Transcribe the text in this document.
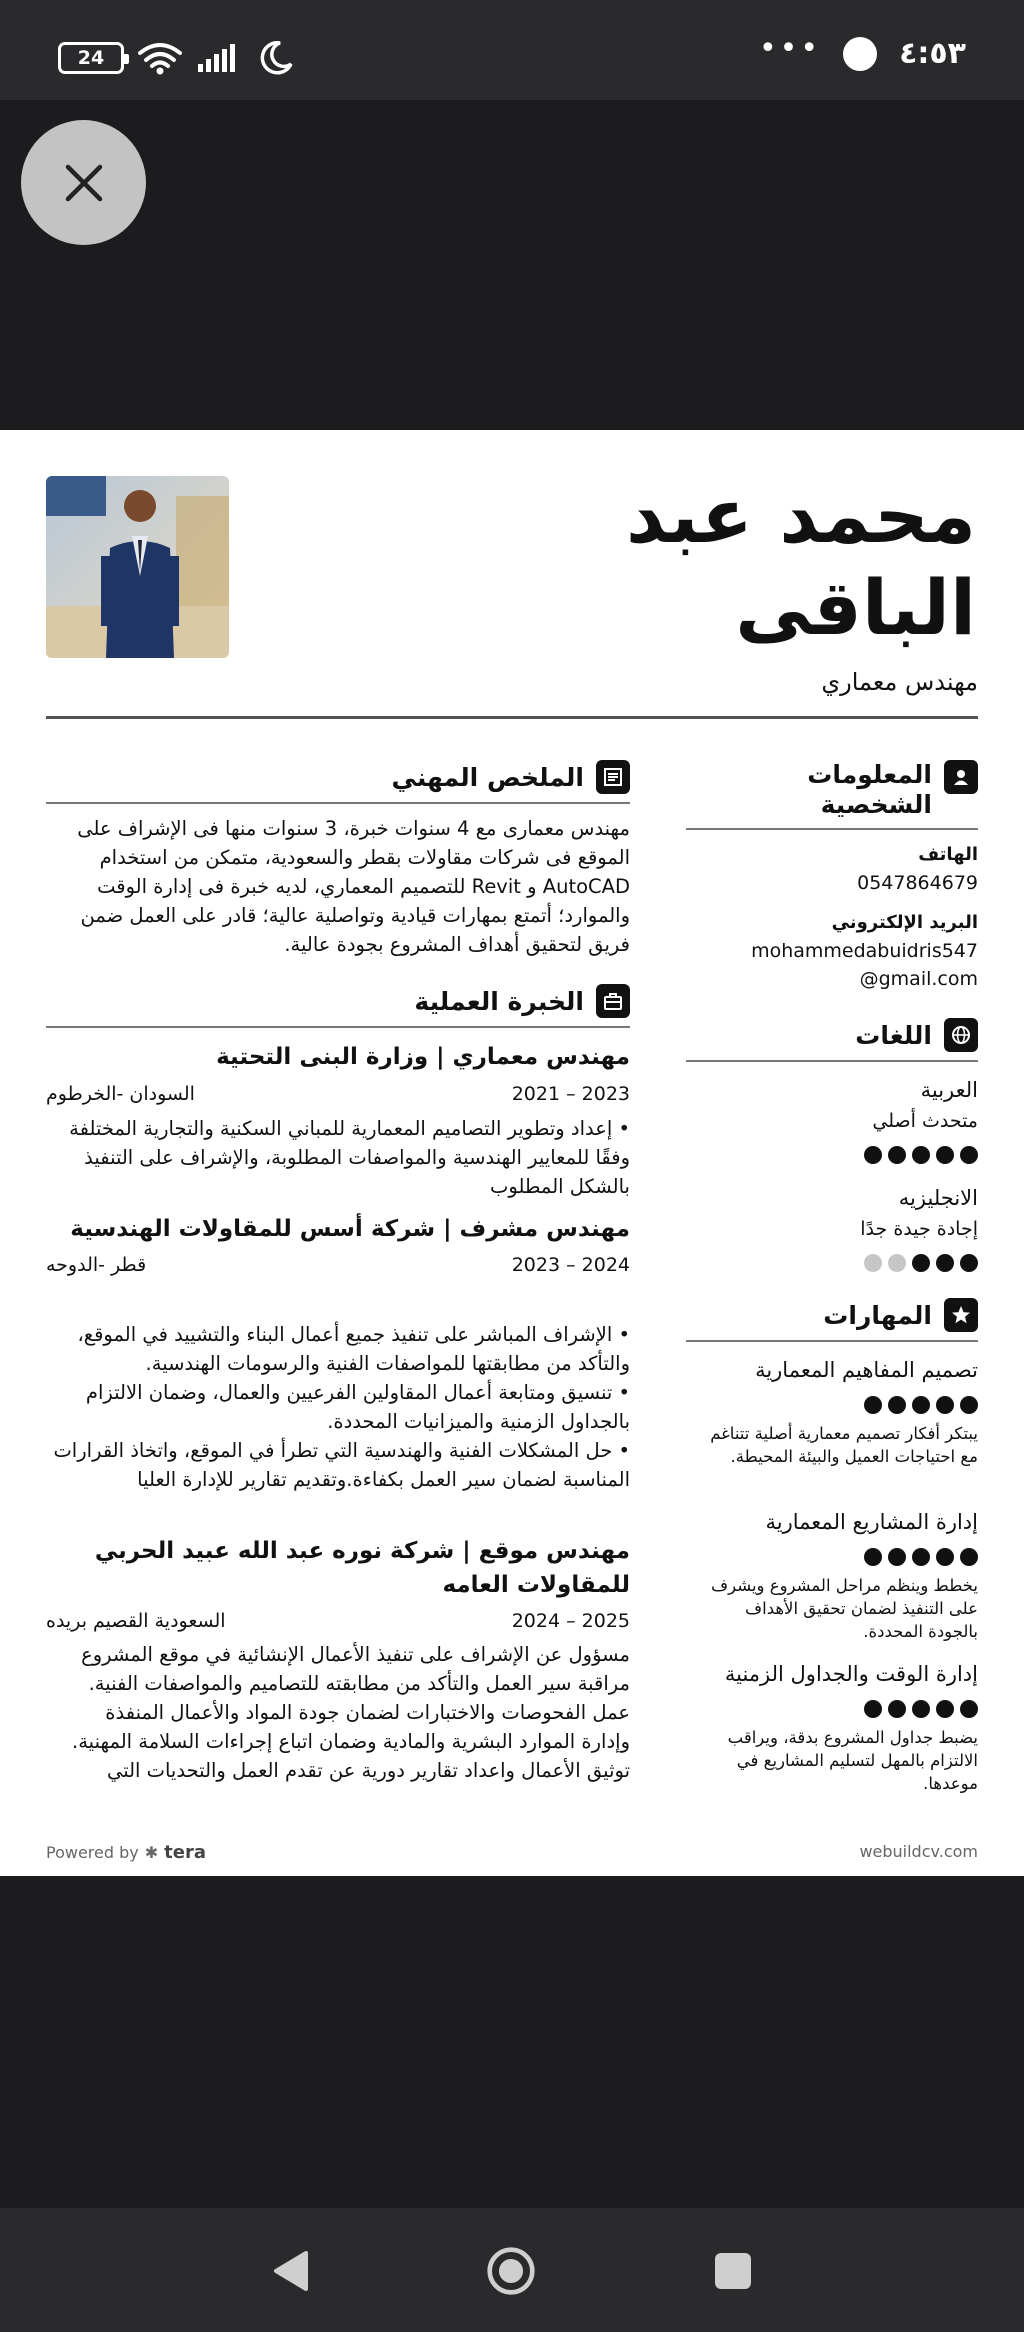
24	•••	٤:٥٣
محمد عبد الباقى
مهندس معماري
الملخص المهني
مهندس معمارى مع 4 سنوات خبرة، 3 سنوات منها فى الإشراف على الموقع فى شركات مقاولات بقطر والسعودية، متمكن من استخدام AutoCAD و Revit للتصميم المعماري، لديه خبرة فى إدارة الوقت والموارد؛ أتمتع بمهارات قيادية وتواصلية عالية؛ قادر على العمل ضمن فريق لتحقيق أهداف المشروع بجودة عالية.
الخبرة العملية
مهندس معماري | وزارة البنى التحتية
السودان -الخرطوم	2021 – 2023
• إعداد وتطوير التصاميم المعمارية للمباني السكنية والتجارية المختلفة وفقًا للمعايير الهندسية والمواصفات المطلوبة، والإشراف على التنفيذ بالشكل المطلوب
مهندس مشرف | شركة أسس للمقاولات الهندسية
قطر -الدوحه	2023 – 2024
• الإشراف المباشر على تنفيذ جميع أعمال البناء والتشييد في الموقع، والتأكد من مطابقتها للمواصفات الفنية والرسومات الهندسية.
• تنسيق ومتابعة أعمال المقاولين الفرعيين والعمال، وضمان الالتزام بالجداول الزمنية والميزانيات المحددة.
• حل المشكلات الفنية والهندسية التي تطرأ في الموقع، واتخاذ القرارات المناسبة لضمان سير العمل بكفاءة.وتقديم تقارير للإدارة العليا
مهندس موقع | شركة نوره عبد الله عبيد الحربي للمقاولات العامه
السعودية القصيم بريده	2024 – 2025
مسؤول عن الإشراف على تنفيذ الأعمال الإنشائية في موقع المشروع
مراقبة سير العمل والتأكد من مطابقته للتصاميم والمواصفات الفنية.
عمل الفحوصات والاختبارات لضمان جودة المواد والأعمال المنفذة
وإدارة الموارد البشرية والمادية وضمان اتباع إجراءات السلامة المهنية.
توثيق الأعمال واعداد تقارير دورية عن تقدم العمل والتحديات التي
المعلومات الشخصية
الهاتف
0547864679
البريد الإلكتروني
mohammedabuidris547
@gmail.com
اللغات
العربية
متحدث أصلي
الانجليزيه
إجادة جيدة جدًا
المهارات
تصميم المفاهيم المعمارية
يبتكر أفكار تصميم معمارية أصلية تتناغم مع احتياجات العميل والبيئة المحيطة.
إدارة المشاريع المعمارية
يخطط وينظم مراحل المشروع ويشرف على التنفيذ لضمان تحقيق الأهداف بالجودة المحددة.
إدارة الوقت والجداول الزمنية
يضبط جداول المشروع بدقة، ويراقب الالتزام بالمهل لتسليم المشاريع في موعدها.
Powered by ✱ tera	webuildcv.com
